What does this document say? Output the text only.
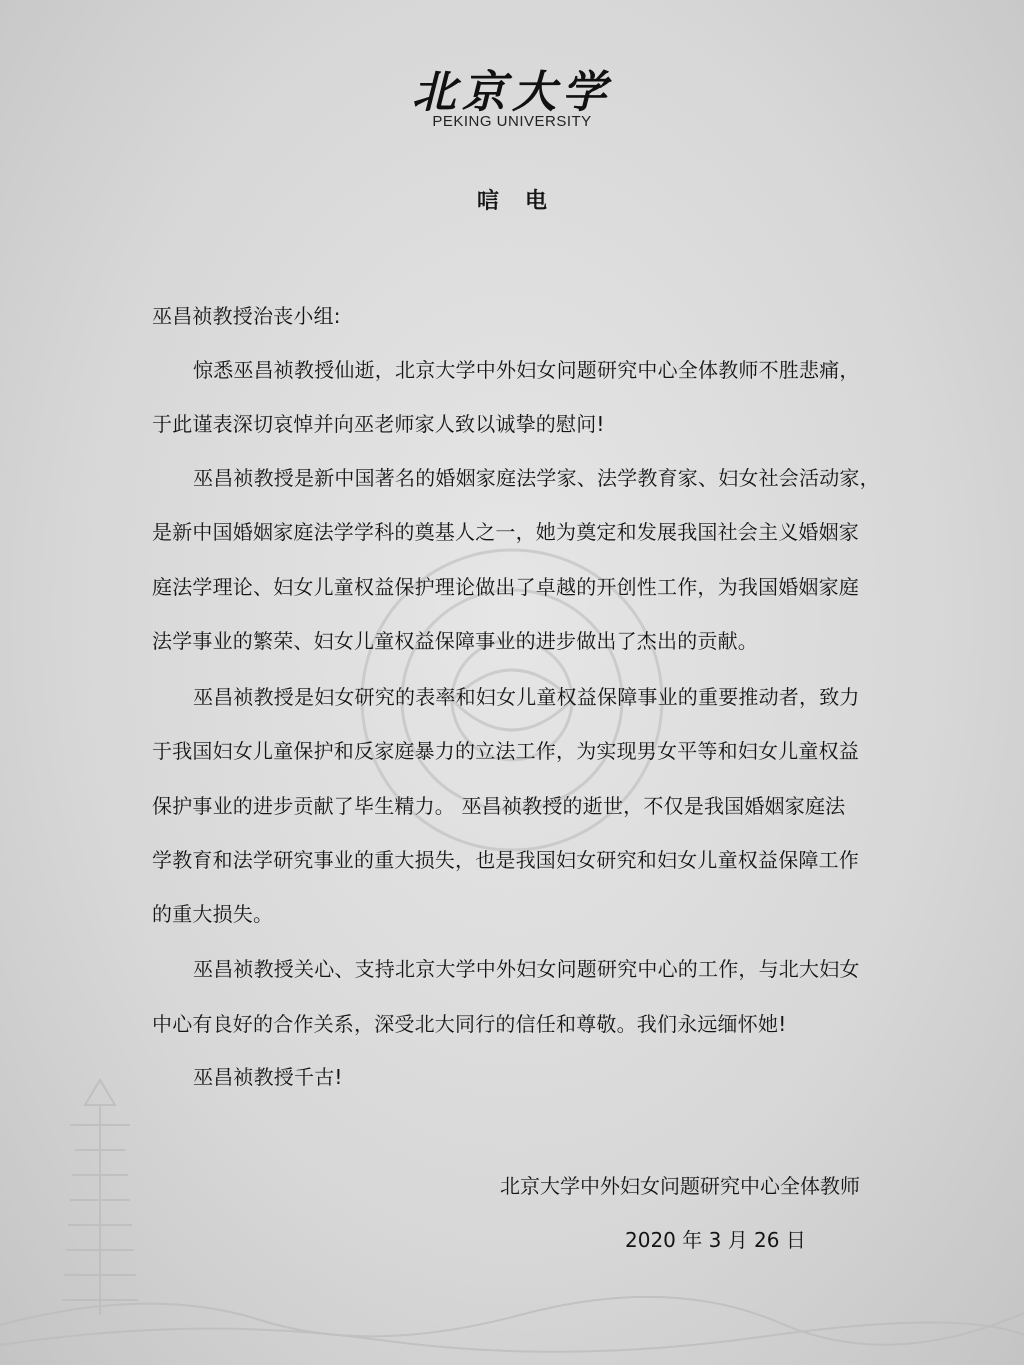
北京大学
PEKING UNIVERSITY
唁电
巫昌祯教授治丧小组:
惊悉巫昌祯教授仙逝，北京大学中外妇女问题研究中心全体教师不胜悲痛，
于此谨表深切哀悼并向巫老师家人致以诚挚的慰问!
巫昌祯教授是新中国著名的婚姻家庭法学家、法学教育家、妇女社会活动家，
是新中国婚姻家庭法学学科的奠基人之一，她为奠定和发展我国社会主义婚姻家
庭法学理论、妇女儿童权益保护理论做出了卓越的开创性工作，为我国婚姻家庭
法学事业的繁荣、妇女儿童权益保障事业的进步做出了杰出的贡献。
巫昌祯教授是妇女研究的表率和妇女儿童权益保障事业的重要推动者，致力
于我国妇女儿童保护和反家庭暴力的立法工作，为实现男女平等和妇女儿童权益
保护事业的进步贡献了毕生精力。 巫昌祯教授的逝世，不仅是我国婚姻家庭法
学教育和法学研究事业的重大损失，也是我国妇女研究和妇女儿童权益保障工作
的重大损失。
巫昌祯教授关心、支持北京大学中外妇女问题研究中心的工作，与北大妇女
中心有良好的合作关系，深受北大同行的信任和尊敬。我们永远缅怀她!
巫昌祯教授千古!
北京大学中外妇女问题研究中心全体教师
2020 年 3 月 26 日
